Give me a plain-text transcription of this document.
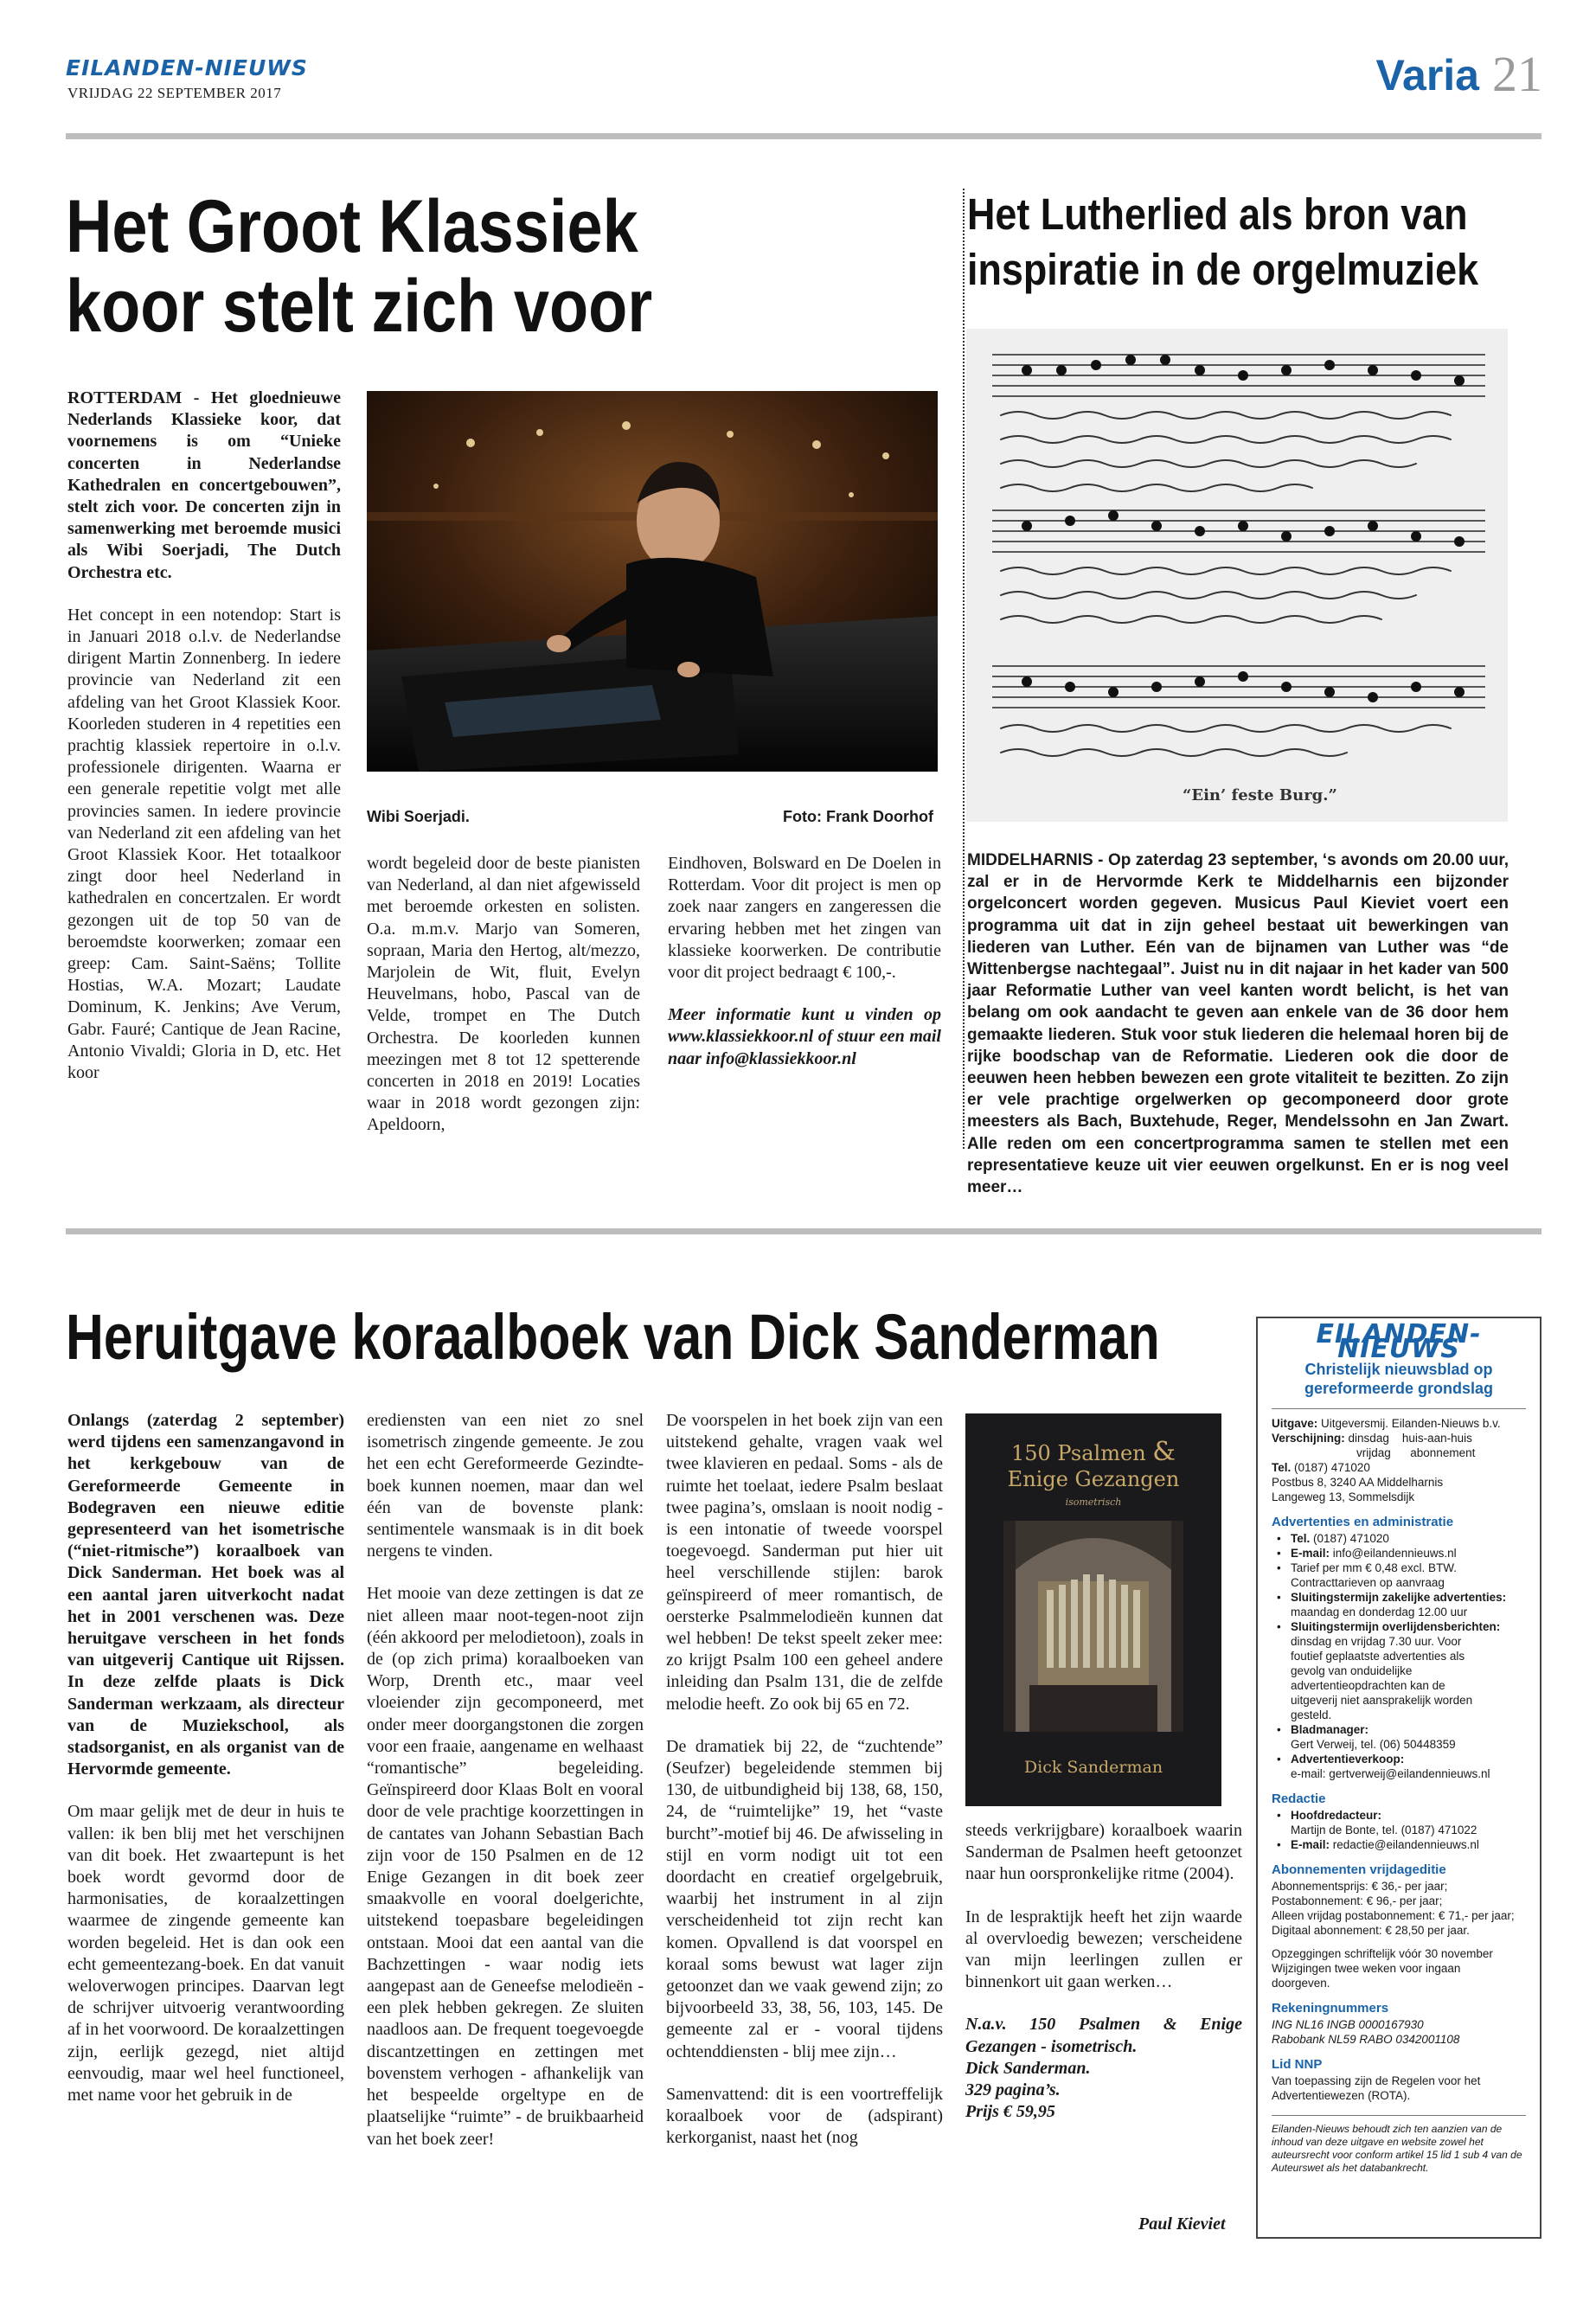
EILANDEN-NIEUWS
VRIJDAG 22 SEPTEMBER 2017	Varia 21
Het Groot Klassiek
koor stelt zich voor

ROTTERDAM - Het gloednieuwe Nederlands Klassieke koor, dat voornemens is om “Unieke concerten in Nederlandse Kathedralen en concertgebouwen”, stelt zich voor. De concerten zijn in samenwerking met beroemde musici als Wibi Soerjadi, The Dutch Orchestra etc.

Het concept in een notendop: Start is in Januari 2018 o.l.v. de Nederlandse dirigent Martin Zonnenberg. In iedere provincie van Nederland zit een afdeling van het Groot Klassiek Koor. Koorleden studeren in 4 repetities een prachtig klassiek repertoire in o.l.v. professionele dirigenten. Waarna er een generale repetitie volgt met alle provincies samen. In iedere provincie van Nederland zit een afdeling van het Groot Klassiek Koor. Het totaalkoor zingt door heel Nederland in kathedralen en concertzalen. Er wordt gezongen uit de top 50 van de beroemdste koorwerken; zomaar een greep: Cam. Saint-Saëns; Tollite Hostias, W.A. Mozart; Laudate Dominum, K. Jenkins; Ave Verum, Gabr. Fauré; Cantique de Jean Racine, Antonio Vivaldi; Gloria in D, etc. Het koor

Wibi Soerjadi.	Foto: Frank Doorhof

wordt begeleid door de beste pianisten van Nederland, al dan niet afgewisseld met beroemde orkesten en solisten. O.a. m.m.v. Marjo van Someren, sopraan, Maria den Hertog, alt/mezzo, Marjolein de Wit, fluit, Evelyn Heuvelmans, hobo, Pascal van de Velde, trompet en The Dutch Orchestra. De koorleden kunnen meezingen met 8 tot 12 spetterende concerten in 2018 en 2019! Locaties waar in 2018 wordt gezongen zijn: Apeldoorn,

Eindhoven, Bolsward en De Doelen in Rotterdam. Voor dit project is men op zoek naar zangers en zangeressen die ervaring hebben met het zingen van klassieke koorwerken. De contributie voor dit project bedraagt € 100,-.

Meer informatie kunt u vinden op www.klassiekkoor.nl of stuur een mail naar info@klassiekkoor.nl

Het Lutherlied als bron van
inspiratie in de orgelmuziek
“Ein’ feste Burg.”

MIDDELHARNIS - Op zaterdag 23 september, ‘s avonds om 20.00 uur, zal er in de Hervormde Kerk te Middelharnis een bijzonder orgelconcert worden gegeven. Musicus Paul Kieviet voert een programma uit dat in zijn geheel bestaat uit bewerkingen van liederen van Luther. Eén van de bijnamen van Luther was “de Wittenbergse nachtegaal”. Juist nu in dit najaar in het kader van 500 jaar Reformatie Luther van veel kanten wordt belicht, is het van belang om ook aandacht te geven aan enkele van de 36 door hem gemaakte liederen. Stuk voor stuk liederen die helemaal horen bij de rijke boodschap van de Reformatie. Liederen ook die door de eeuwen heen hebben bewezen een grote vitaliteit te bezitten. Zo zijn er vele prachtige orgelwerken op gecomponeerd door grote meesters als Bach, Buxtehude, Reger, Mendelssohn en Jan Zwart. Alle reden om een concertprogramma samen te stellen met een representatieve keuze uit vier eeuwen orgelkunst. En er is nog veel meer…

Heruitgave koraalboek van Dick Sanderman

Onlangs (zaterdag 2 september) werd tijdens een samenzangavond in het kerkgebouw van de Gereformeerde Gemeente in Bodegraven een nieuwe editie gepresenteerd van het isometrische (“niet-ritmische”) koraalboek van Dick Sanderman. Het boek was al een aantal jaren uitverkocht nadat het in 2001 verschenen was. Deze heruitgave verscheen in het fonds van uitgeverij Cantique uit Rijssen. In deze zelfde plaats is Dick Sanderman werkzaam, als directeur van de Muziekschool, als stadsorganist, en als organist van de Hervormde gemeente.

Om maar gelijk met de deur in huis te vallen: ik ben blij met het verschijnen van dit boek. Het zwaartepunt is het boek wordt gevormd door de harmonisaties, de koraalzettingen waarmee de zingende gemeente kan worden begeleid. Het is dan ook een echt gemeentezang-boek. En dat vanuit weloverwogen principes. Daarvan legt de schrijver uitvoerig verantwoording af in het voorwoord. De koraalzettingen zijn, eerlijk gezegd, niet altijd eenvoudig, maar wel heel functioneel, met name voor het gebruik in de

erediensten van een niet zo snel isometrisch zingende gemeente. Je zou het een echt Gereformeerde Gezindte-boek kunnen noemen, maar dan wel één van de bovenste plank: sentimentele wansmaak is in dit boek nergens te vinden.

Het mooie van deze zettingen is dat ze niet alleen maar noot-tegen-noot zijn (één akkoord per melodietoon), zoals in de (op zich prima) koraalboeken van Worp, Drenth etc., maar veel vloeiender zijn gecomponeerd, met onder meer doorgangstonen die zorgen voor een fraaie, aangename en welhaast “romantische” begeleiding. Geïnspireerd door Klaas Bolt en vooral door de vele prachtige koorzettingen in de cantates van Johann Sebastian Bach zijn voor de 150 Psalmen en de 12 Enige Gezangen in dit boek zeer smaakvolle en vooral doelgerichte, uitstekend toepasbare begeleidingen ontstaan. Mooi dat een aantal van die Bachzettingen - waar nodig iets aangepast aan de Geneefse melodieën - een plek hebben gekregen. Ze sluiten naadloos aan. De frequent toegevoegde discantzettingen en zettingen met bovenstem verhogen - afhankelijk van het bespeelde orgeltype en de plaatselijke “ruimte” - de bruikbaarheid van het boek zeer!

De voorspelen in het boek zijn van een uitstekend gehalte, vragen vaak wel twee klavieren en pedaal. Soms - als de ruimte het toelaat, iedere Psalm beslaat twee pagina’s, omslaan is nooit nodig - is een intonatie of tweede voorspel toegevoegd. Sanderman put hier uit heel verschillende stijlen: barok geïnspireerd of meer romantisch, de oersterke Psalmmelodieën kunnen dat wel hebben! De tekst speelt zeker mee: zo krijgt Psalm 100 een geheel andere inleiding dan Psalm 131, die de zelfde melodie heeft. Zo ook bij 65 en 72.

De dramatiek bij 22, de “zuchtende” (Seufzer) begeleidende stemmen bij 130, de uitbundigheid bij 138, 68, 150, 24, de “ruimtelijke” 19, het “vaste burcht”-motief bij 46. De afwisseling in stijl en vorm nodigt uit tot een doordacht en creatief orgelgebruik, waarbij het instrument in al zijn verscheidenheid tot zijn recht kan komen. Opvallend is dat voorspel en koraal soms bewust wat lager zijn getoonzet dan we vaak gewend zijn; zo bijvoorbeeld 33, 38, 56, 103, 145. De gemeente zal er - vooral tijdens ochtenddiensten - blij mee zijn…

Samenvattend: dit is een voortreffelijk koraalboek voor de (adspirant) kerkorganist, naast het (nog

150 Psalmen &
Enige Gezangen
isometrisch
Dick Sanderman

steeds verkrijgbare) koraalboek waarin Sanderman de Psalmen heeft getoonzet naar hun oorspronkelijke ritme (2004).

In de lespraktijk heeft het zijn waarde al overvloedig bewezen; verscheidene van mijn leerlingen zullen er binnenkort uit gaan werken…

N.a.v. 150 Psalmen & Enige Gezangen - isometrisch.
Dick Sanderman.
329 pagina’s.
Prijs € 59,95
Paul Kieviet
EILANDEN-NIEUWS
Christelijk nieuwsblad op
gereformeerde grondslag
Uitgave: Uitgeversmij. Eilanden-Nieuws b.v.
Verschijning: dinsdag    huis-aan-huis
vrijdag      abonnement
Tel. (0187) 471020
Postbus 8, 3240 AA Middelharnis
Langeweg 13, Sommelsdijk
Advertenties en administratie
• Tel. (0187) 471020
• E-mail: info@eilandennieuws.nl
• Tarief per mm € 0,48 excl. BTW.
Contracttarieven op aanvraag
• Sluitingstermijn zakelijke advertenties:
maandag en donderdag 12.00 uur
• Sluitingstermijn overlijdensberichten:
dinsdag en vrijdag 7.30 uur. Voor
foutief geplaatste advertenties als
gevolg van onduidelijke
advertentieopdrachten kan de
uitgeverij niet aansprakelijk worden
gesteld.
• Bladmanager:
Gert Verweij, tel. (06) 50448359
• Advertentieverkoop:
e-mail: gertverweij@eilandennieuws.nl
Redactie
• Hoofdredacteur:
Martijn de Bonte, tel. (0187) 471022
• E-mail: redactie@eilandennieuws.nl
Abonnementen vrijdageditie
Abonnementsprijs: € 36,- per jaar;
Postabonnement: € 96,- per jaar;
Alleen vrijdag postabonnement: € 71,- per jaar;
Digitaal abonnement: € 28,50 per jaar.
Opzeggingen schriftelijk vóór 30 november
Wijzigingen twee weken voor ingaan
doorgeven.
Rekeningnummers
ING NL16 INGB 0000167930
Rabobank NL59 RABO 0342001108
Lid NNP
Van toepassing zijn de Regelen voor het
Advertentiewezen (ROTA).
Eilanden-Nieuws behoudt zich ten aanzien van de inhoud van deze uitgave en website zowel het auteursrecht voor conform artikel 15 lid 1 sub 4 van de Auteurswet als het databankrecht.
